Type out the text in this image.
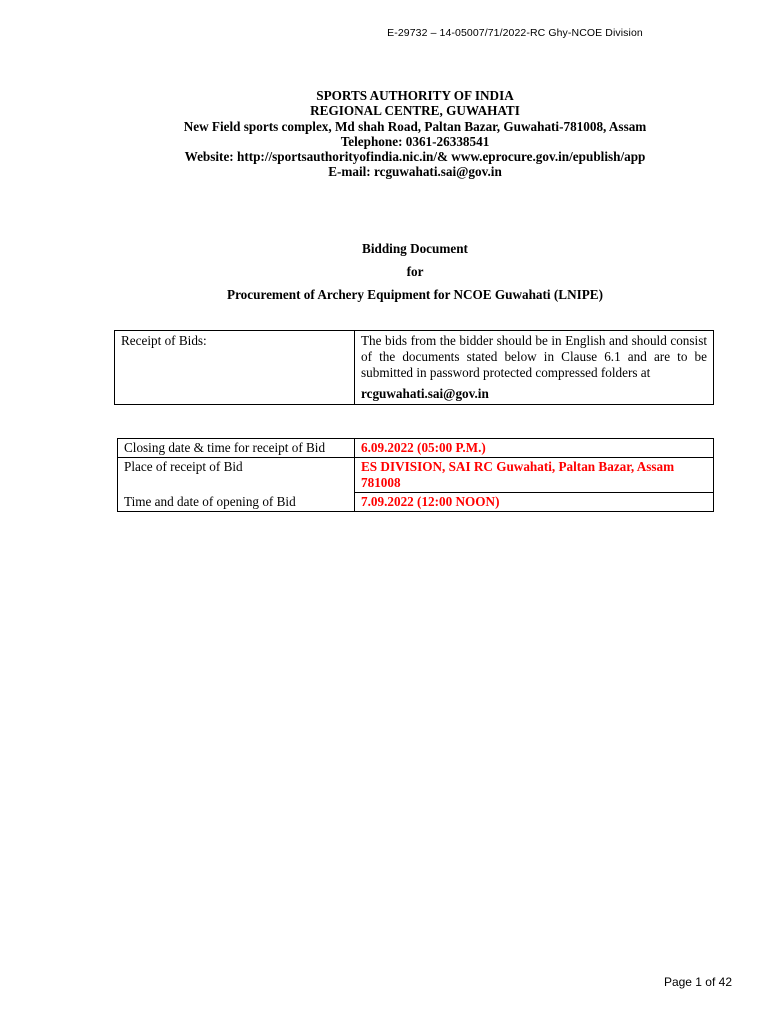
E-29732 – 14-05007/71/2022-RC Ghy-NCOE Division
SPORTS AUTHORITY OF INDIA
REGIONAL CENTRE, GUWAHATI
New Field sports complex, Md shah Road, Paltan Bazar, Guwahati-781008, Assam
Telephone: 0361-26338541
Website: http://sportsauthorityofindia.nic.in/& www.eprocure.gov.in/epublish/app
E-mail: rcguwahati.sai@gov.in
Bidding Document
for
Procurement of Archery Equipment for NCOE Guwahati (LNIPE)
Receipt of Bids:	The bids from the bidder should be in English and should consist of the documents stated below in Clause 6.1 and are to be submitted in password protected compressed folders at
rcguwahati.sai@gov.in
Closing date & time for receipt of Bid	6.09.2022 (05:00 P.M.)
Place of receipt of Bid	ES DIVISION, SAI RC Guwahati, Paltan Bazar, Assam 781008
Time and date of opening of Bid	7.09.2022 (12:00 NOON)
Page 1 of 42
